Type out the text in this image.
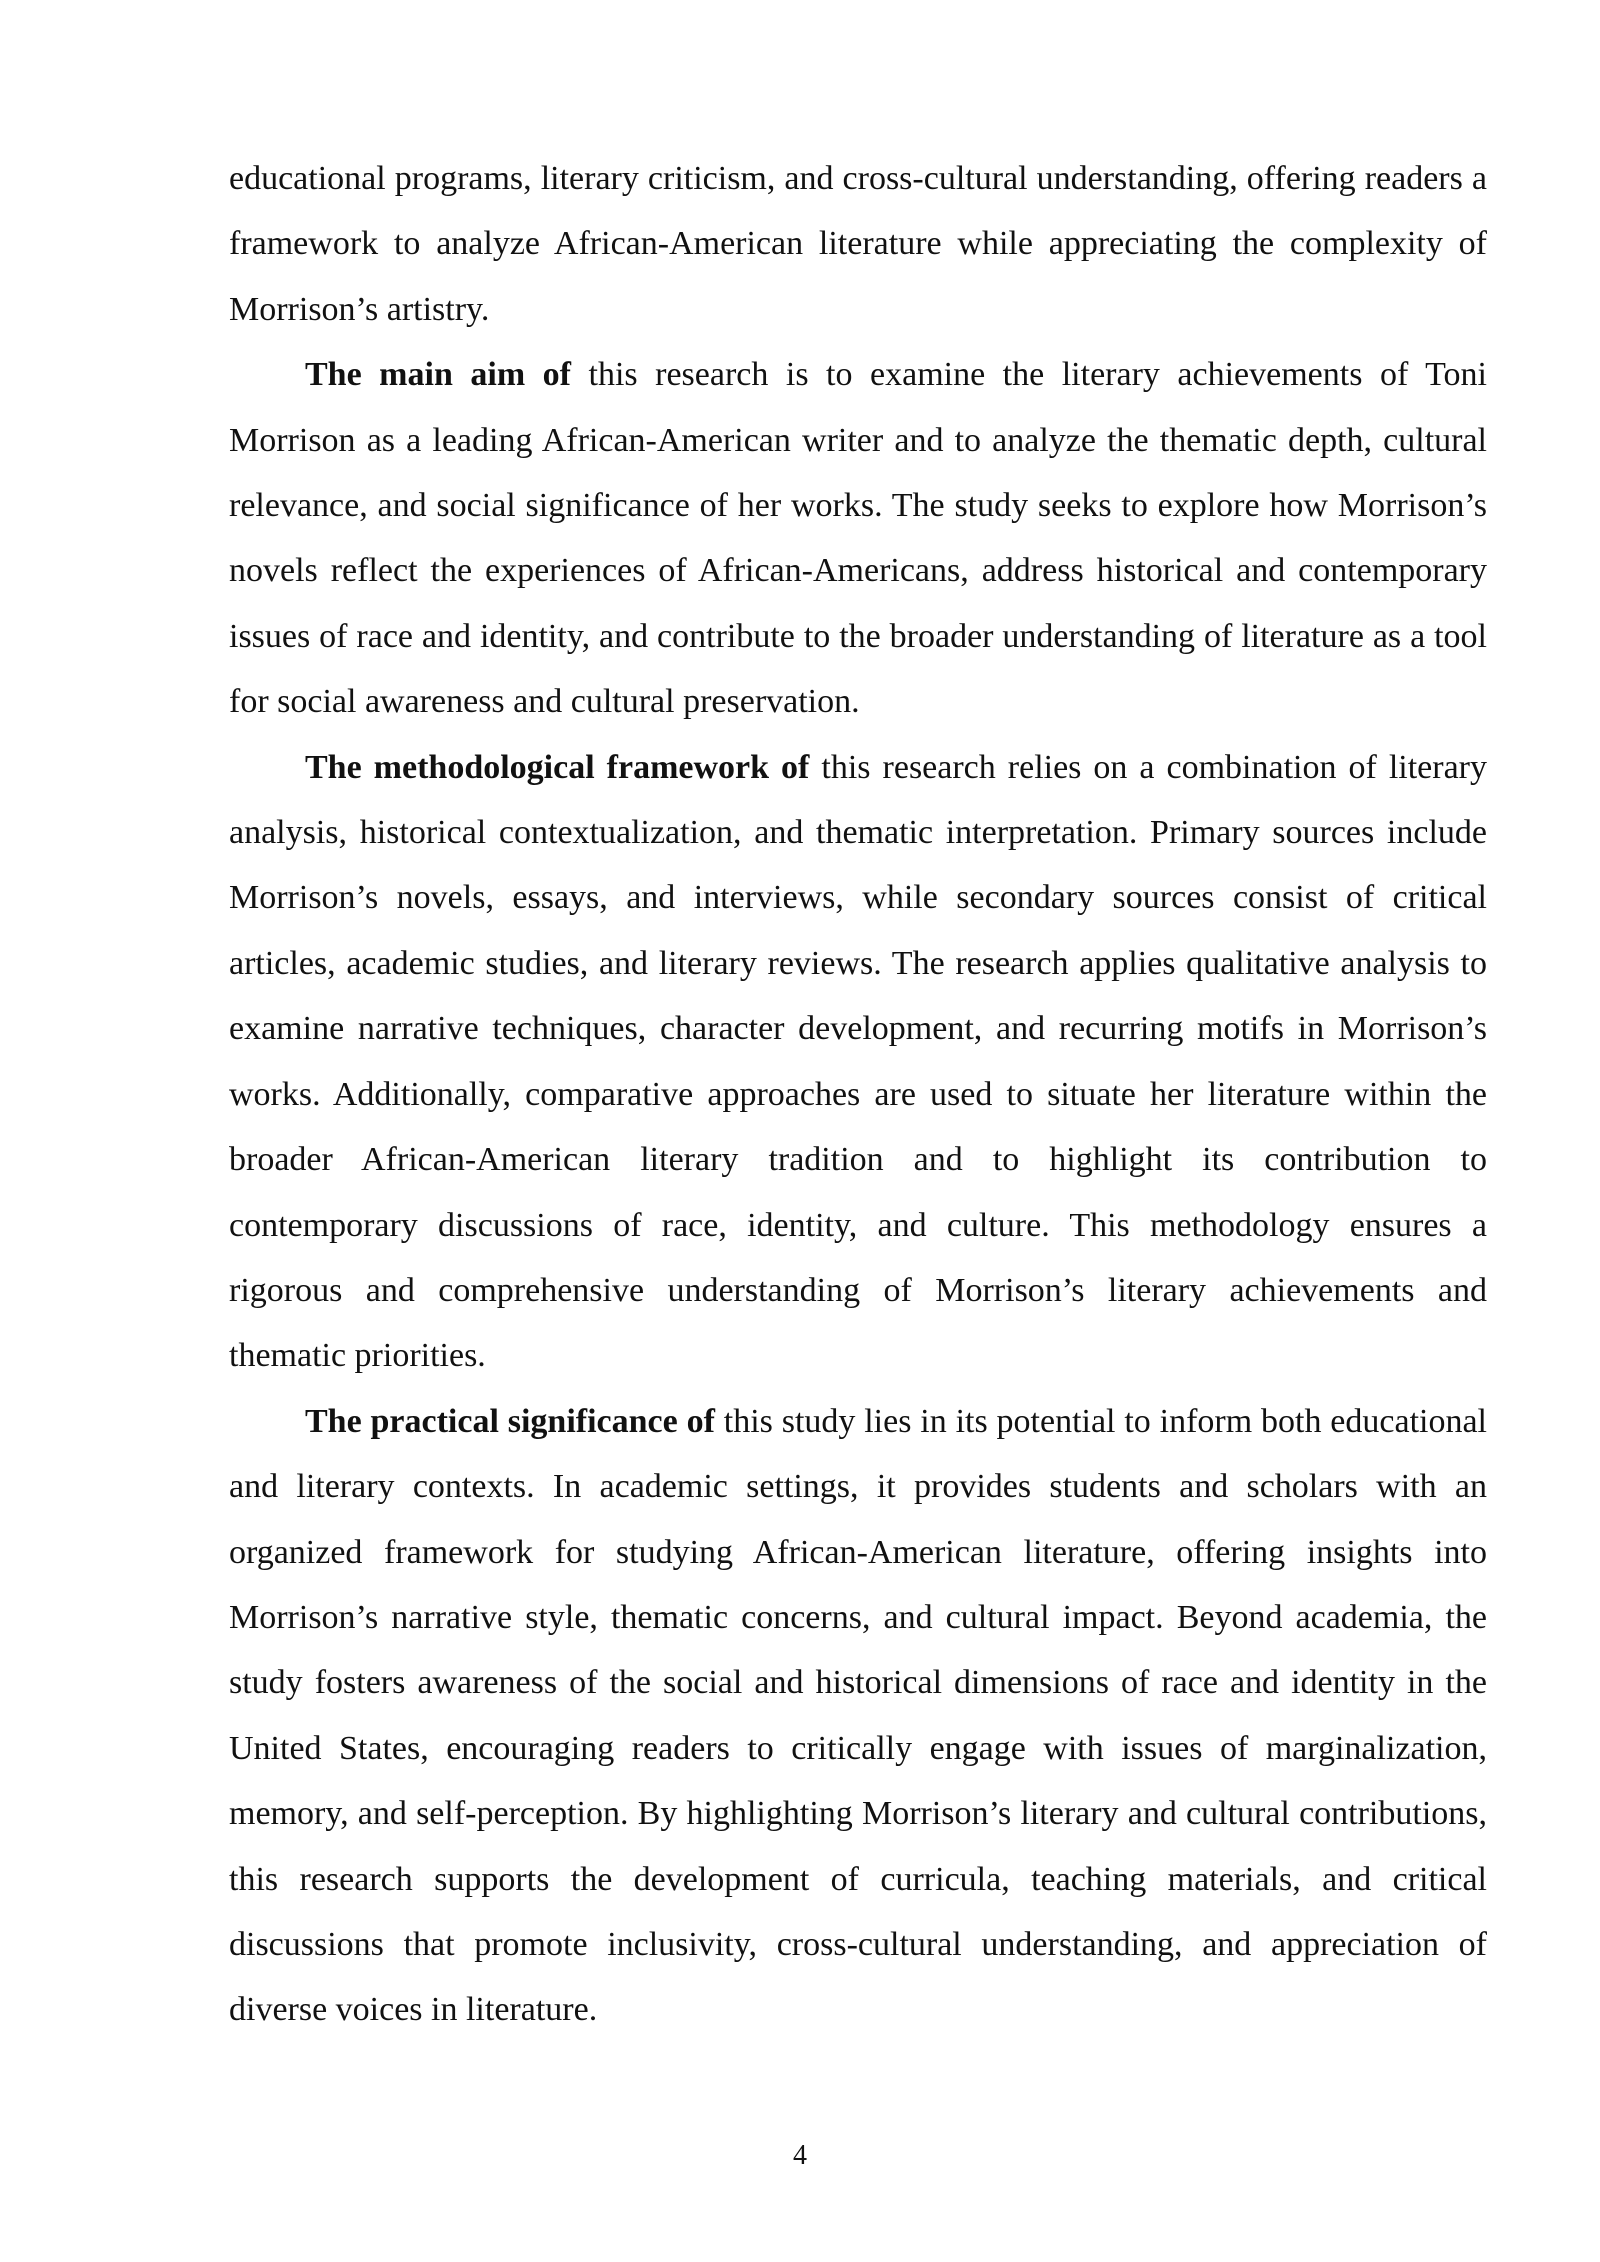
educational programs, literary criticism, and cross-cultural understanding, offering readers a framework to analyze African-American literature while appreciating the complexity of Morrison’s artistry.

The main aim of this research is to examine the literary achievements of Toni Morrison as a leading African-American writer and to analyze the thematic depth, cultural relevance, and social significance of her works. The study seeks to explore how Morrison’s novels reflect the experiences of African-Americans, address historical and contemporary issues of race and identity, and contribute to the broader understanding of literature as a tool for social awareness and cultural preservation.

The methodological framework of this research relies on a combination of literary analysis, historical contextualization, and thematic interpretation. Primary sources include Morrison’s novels, essays, and interviews, while secondary sources consist of critical articles, academic studies, and literary reviews. The research applies qualitative analysis to examine narrative techniques, character development, and recurring motifs in Morrison’s works. Additionally, comparative approaches are used to situate her literature within the broader African-American literary tradition and to highlight its contribution to contemporary discussions of race, identity, and culture. This methodology ensures a rigorous and comprehensive understanding of Morrison’s literary achievements and thematic priorities.

The practical significance of this study lies in its potential to inform both educational and literary contexts. In academic settings, it provides students and scholars with an organized framework for studying African-American literature, offering insights into Morrison’s narrative style, thematic concerns, and cultural impact. Beyond academia, the study fosters awareness of the social and historical dimensions of race and identity in the United States, encouraging readers to critically engage with issues of marginalization, memory, and self-perception. By highlighting Morrison’s literary and cultural contributions, this research supports the development of curricula, teaching materials, and critical discussions that promote inclusivity, cross-cultural understanding, and appreciation of diverse voices in literature.

4
